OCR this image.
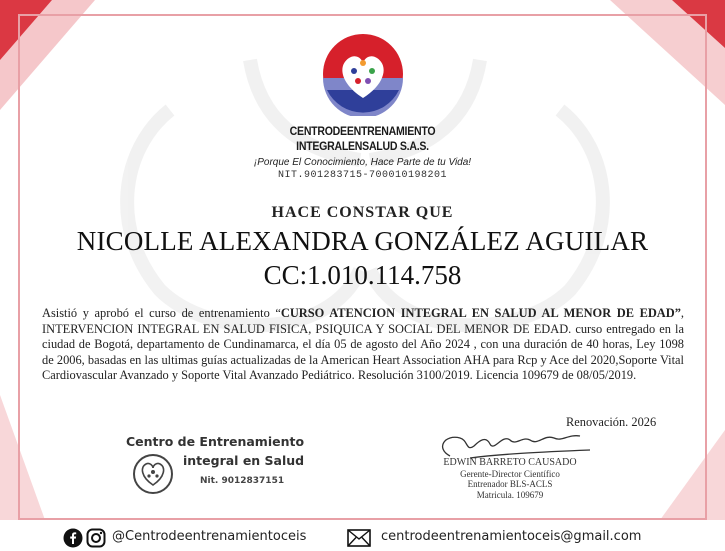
CENTRODEENTRENAMIENTO
INTEGRALENSALUD S.A.S.
¡Porque El Conocimiento, Hace Parte de tu Vida!
NIT.901283715-700010198201
HACE CONSTAR QUE
NICOLLE ALEXANDRA GONZÁLEZ AGUILAR
CC:1.010.114.758
Asistió y aprobó el curso de entrenamiento “CURSO ATENCION INTEGRAL EN SALUD AL MENOR DE EDAD”, INTERVENCION INTEGRAL EN SALUD FISICA, PSIQUICA Y SOCIAL DEL MENOR DE EDAD. curso entregado en la ciudad de Bogotá, departamento de Cundinamarca, el día 05 de agosto del Año 2024 , con una duración de 40 horas, Ley 1098 de 2006, basadas en las ultimas guías actualizadas de la American Heart Association AHA para Rcp y Ace del 2020,Soporte Vital Cardiovascular Avanzado y Soporte Vital Avanzado Pediátrico. Resolución 3100/2019. Licencia 109679 de 08/05/2019.
Renovación. 2026
Centro de Entrenamiento
integral en Salud
Nit. 9012837151
EDWIN BARRETO CAUSADO
Gerente-Director Científico
Entrenador BLS-ACLS
Matricula. 109679
@Centrodeentrenamientoceis	centrodeentrenamientoceis@gmail.com
